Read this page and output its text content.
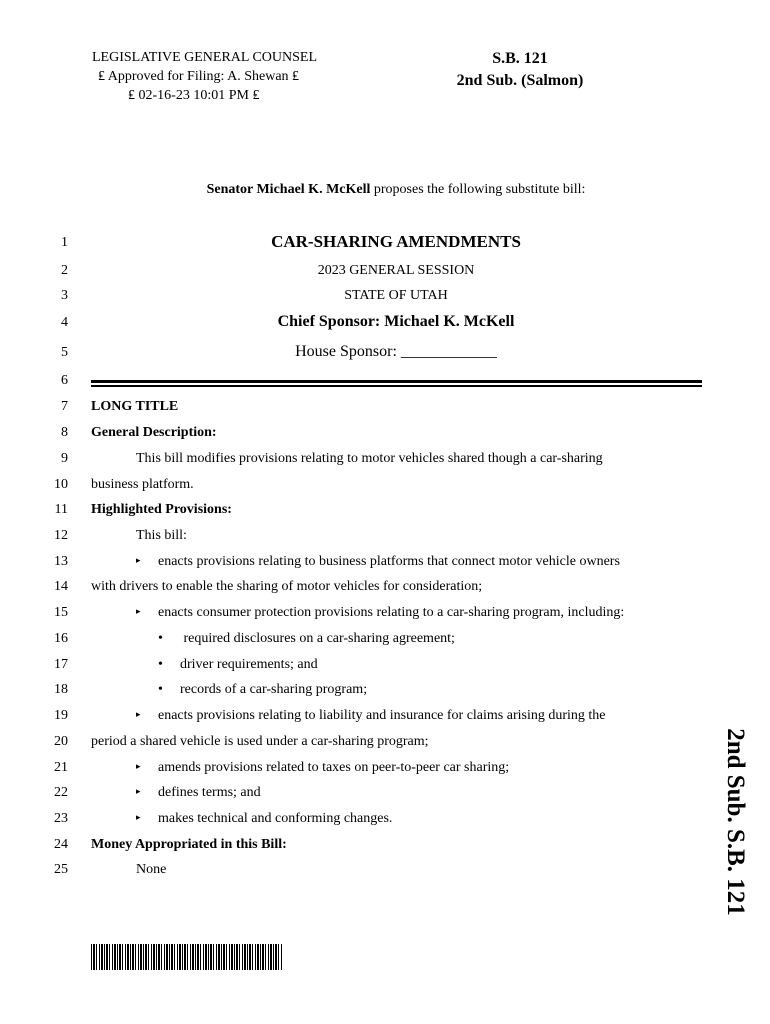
LEGISLATIVE GENERAL COUNSEL
₤ Approved for Filing: A. Shewan ₤
₤ 02-16-23 10:01 PM ₤
S.B. 121
2nd Sub. (Salmon)
Senator Michael K. McKell proposes the following substitute bill:
1	CAR-SHARING AMENDMENTS
2	2023 GENERAL SESSION
3	STATE OF UTAH
4	Chief Sponsor: Michael K. McKell
5	House Sponsor: ____________
6
7 LONG TITLE
8 General Description:
9	This bill modifies provisions relating to motor vehicles shared though a car-sharing
10 business platform.
11 Highlighted Provisions:
12	This bill:
13	▸ enacts provisions relating to business platforms that connect motor vehicle owners
14 with drivers to enable the sharing of motor vehicles for consideration;
15	▸ enacts consumer protection provisions relating to a car-sharing program, including:
16	• required disclosures on a car-sharing agreement;
17	• driver requirements; and
18	• records of a car-sharing program;
19	▸ enacts provisions relating to liability and insurance for claims arising during the
20 period a shared vehicle is used under a car-sharing program;
21	▸ amends provisions related to taxes on peer-to-peer car sharing;
22	▸ defines terms; and
23	▸ makes technical and conforming changes.
24 Money Appropriated in this Bill:
25	None	2nd Sub. S.B. 121
